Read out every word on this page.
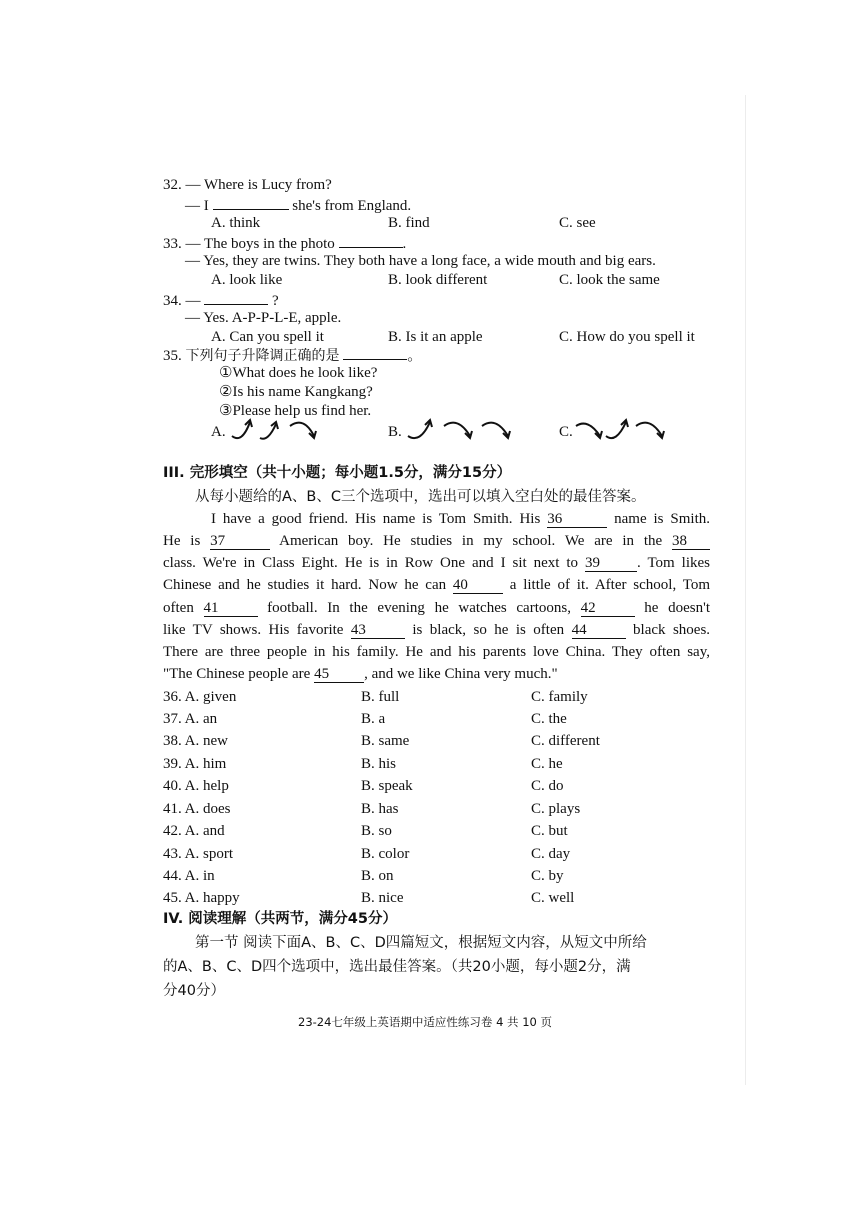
32. — Where is Lucy from?
— I	she's from England.
A. think	B. find	C. see
33. — The boys in the photo	.
— Yes, they are twins. They both have a long face, a wide mouth and big ears.
A. look like	B. look different	C. look the same
34. —	?
— Yes. A-P-P-L-E, apple.
A. Can you spell it	B. Is it an apple	C. How do you spell it
35. 下列句子升降调正确的是	。
①What does he look like?
②Is his name Kangkang?
③Please help us find her.
A.	B.	C.
III. 完形填空（共十小题；每小题1.5分，满分15分）
从每小题给的A、B、C三个选项中，选出可以填入空白处的最佳答案。
I have a good friend. His name is Tom Smith. His 36	name is Smith.
He is 37	American boy. He studies in my school. We are in the 38
class. We're in Class Eight. He is in Row One and I sit next to 39 . Tom likes
Chinese and he studies it hard. Now he can 40	a little of it. After school, Tom
often 41	football. In the evening he watches cartoons, 42	he doesn't
like TV shows. His favorite 43	is black, so he is often 44	black shoes.
There are three people in his family. He and his parents love China. They often say,
"The Chinese people are 45 , and we like China very much."
36. A. given	B. full	C. family
37. A. an	B. a	C. the
38. A. new	B. same	C. different
39. A. him	B. his	C. he
40. A. help	B. speak	C. do
41. A. does	B. has	C. plays
42. A. and	B. so	C. but
43. A. sport	B. color	C. day
44. A. in	B. on	C. by
45. A. happy	B. nice	C. well
IV. 阅读理解（共两节，满分45分）
第一节 阅读下面A、B、C、D四篇短文，根据短文内容，从短文中所给
的A、B、C、D四个选项中，选出最佳答案。（共20小题，每小题2分，满
分40分）
23-24七年级上英语期中适应性练习卷 4 共 10 页
